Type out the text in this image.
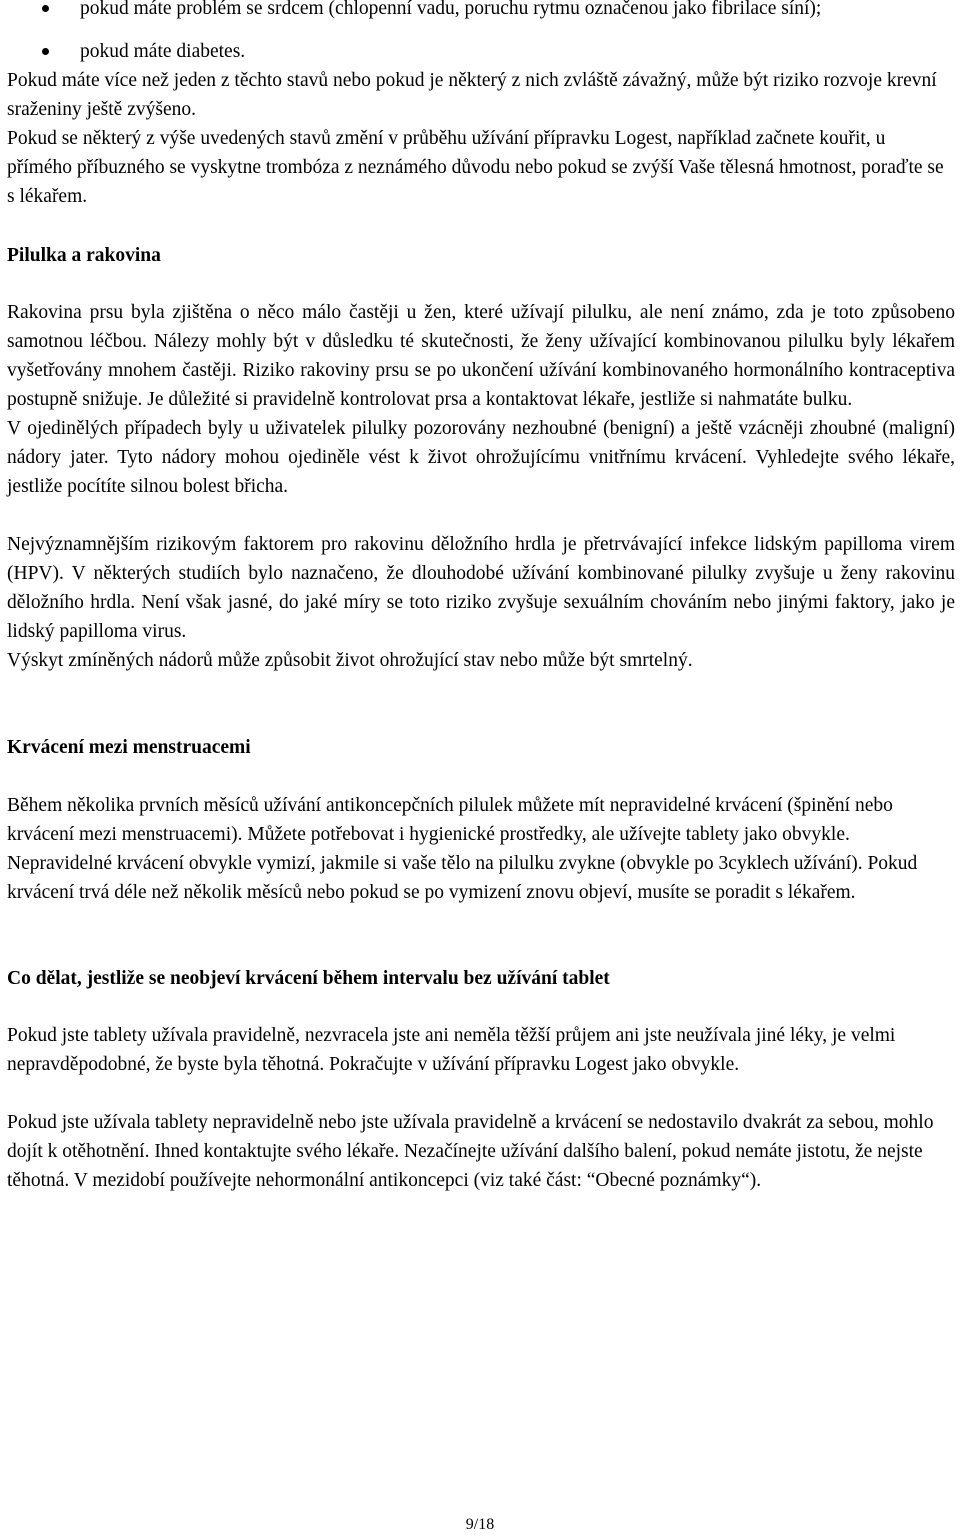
pokud máte problém se srdcem (chlopenní vadu, poruchu rytmu označenou jako fibrilace síní);
pokud máte diabetes.

Pokud máte více než jeden z těchto stavů nebo pokud je některý z nich zvláště závažný, může být riziko rozvoje krevní sraženiny ještě zvýšeno.

Pokud se některý z výše uvedených stavů změní v průběhu užívání přípravku Logest, například začnete kouřit, u přímého příbuzného se vyskytne trombóza z neznámého důvodu nebo pokud se zvýší Vaše tělesná hmotnost, poraďte se s lékařem.

Pilulka a rakovina

Rakovina prsu byla zjištěna o něco málo častěji u žen, které užívají pilulku, ale není známo, zda je toto způsobeno samotnou léčbou. Nálezy mohly být v důsledku té skutečnosti, že ženy užívající kombinovanou pilulku byly lékařem vyšetřovány mnohem častěji. Riziko rakoviny prsu se po ukončení užívání kombinovaného hormonálního kontraceptiva postupně snižuje. Je důležité si pravidelně kontrolovat prsa a kontaktovat lékaře, jestliže si nahmatáte bulku.

V ojedinělých případech byly u uživatelek pilulky pozorovány nezhoubné (benigní) a ještě vzácněji zhoubné (maligní) nádory jater. Tyto nádory mohou ojediněle vést k život ohrožujícímu vnitřnímu krvácení. Vyhledejte svého lékaře, jestliže pocítíte silnou bolest břicha.

Nejvýznamnějším rizikovým faktorem pro rakovinu děložního hrdla je přetrvávající infekce lidským papilloma virem (HPV). V některých studiích bylo naznačeno, že dlouhodobé užívání kombinované pilulky zvyšuje u ženy rakovinu děložního hrdla. Není však jasné, do jaké míry se toto riziko zvyšuje sexuálním chováním nebo jinými faktory, jako je lidský papilloma virus.

Výskyt zmíněných nádorů může způsobit život ohrožující stav nebo může být smrtelný.

Krvácení mezi menstruacemi

Během několika prvních měsíců užívání antikoncepčních pilulek můžete mít nepravidelné krvácení (špinění nebo krvácení mezi menstruacemi). Můžete potřebovat i hygienické prostředky, ale užívejte tablety jako obvykle. Nepravidelné krvácení obvykle vymizí, jakmile si vaše tělo na pilulku zvykne (obvykle po 3cyklech užívání). Pokud krvácení trvá déle než několik měsíců nebo pokud se po vymizení znovu objeví, musíte se poradit s lékařem.

Co dělat, jestliže se neobjeví krvácení během intervalu bez užívání tablet

Pokud jste tablety užívala pravidelně, nezvracela jste ani neměla těžší průjem ani jste neužívala jiné léky, je velmi nepravděpodobné, že byste byla těhotná. Pokračujte v užívání přípravku Logest jako obvykle.

Pokud jste užívala tablety nepravidelně nebo jste užívala pravidelně a krvácení se nedostavilo dvakrát za sebou, mohlo dojít k otěhotnění. Ihned kontaktujte svého lékaře. Nezačínejte užívání dalšího balení, pokud nemáte jistotu, že nejste těhotná. V mezidobí používejte nehormonální antikoncepci (viz také část: “Obecné poznámky“).

9/18
